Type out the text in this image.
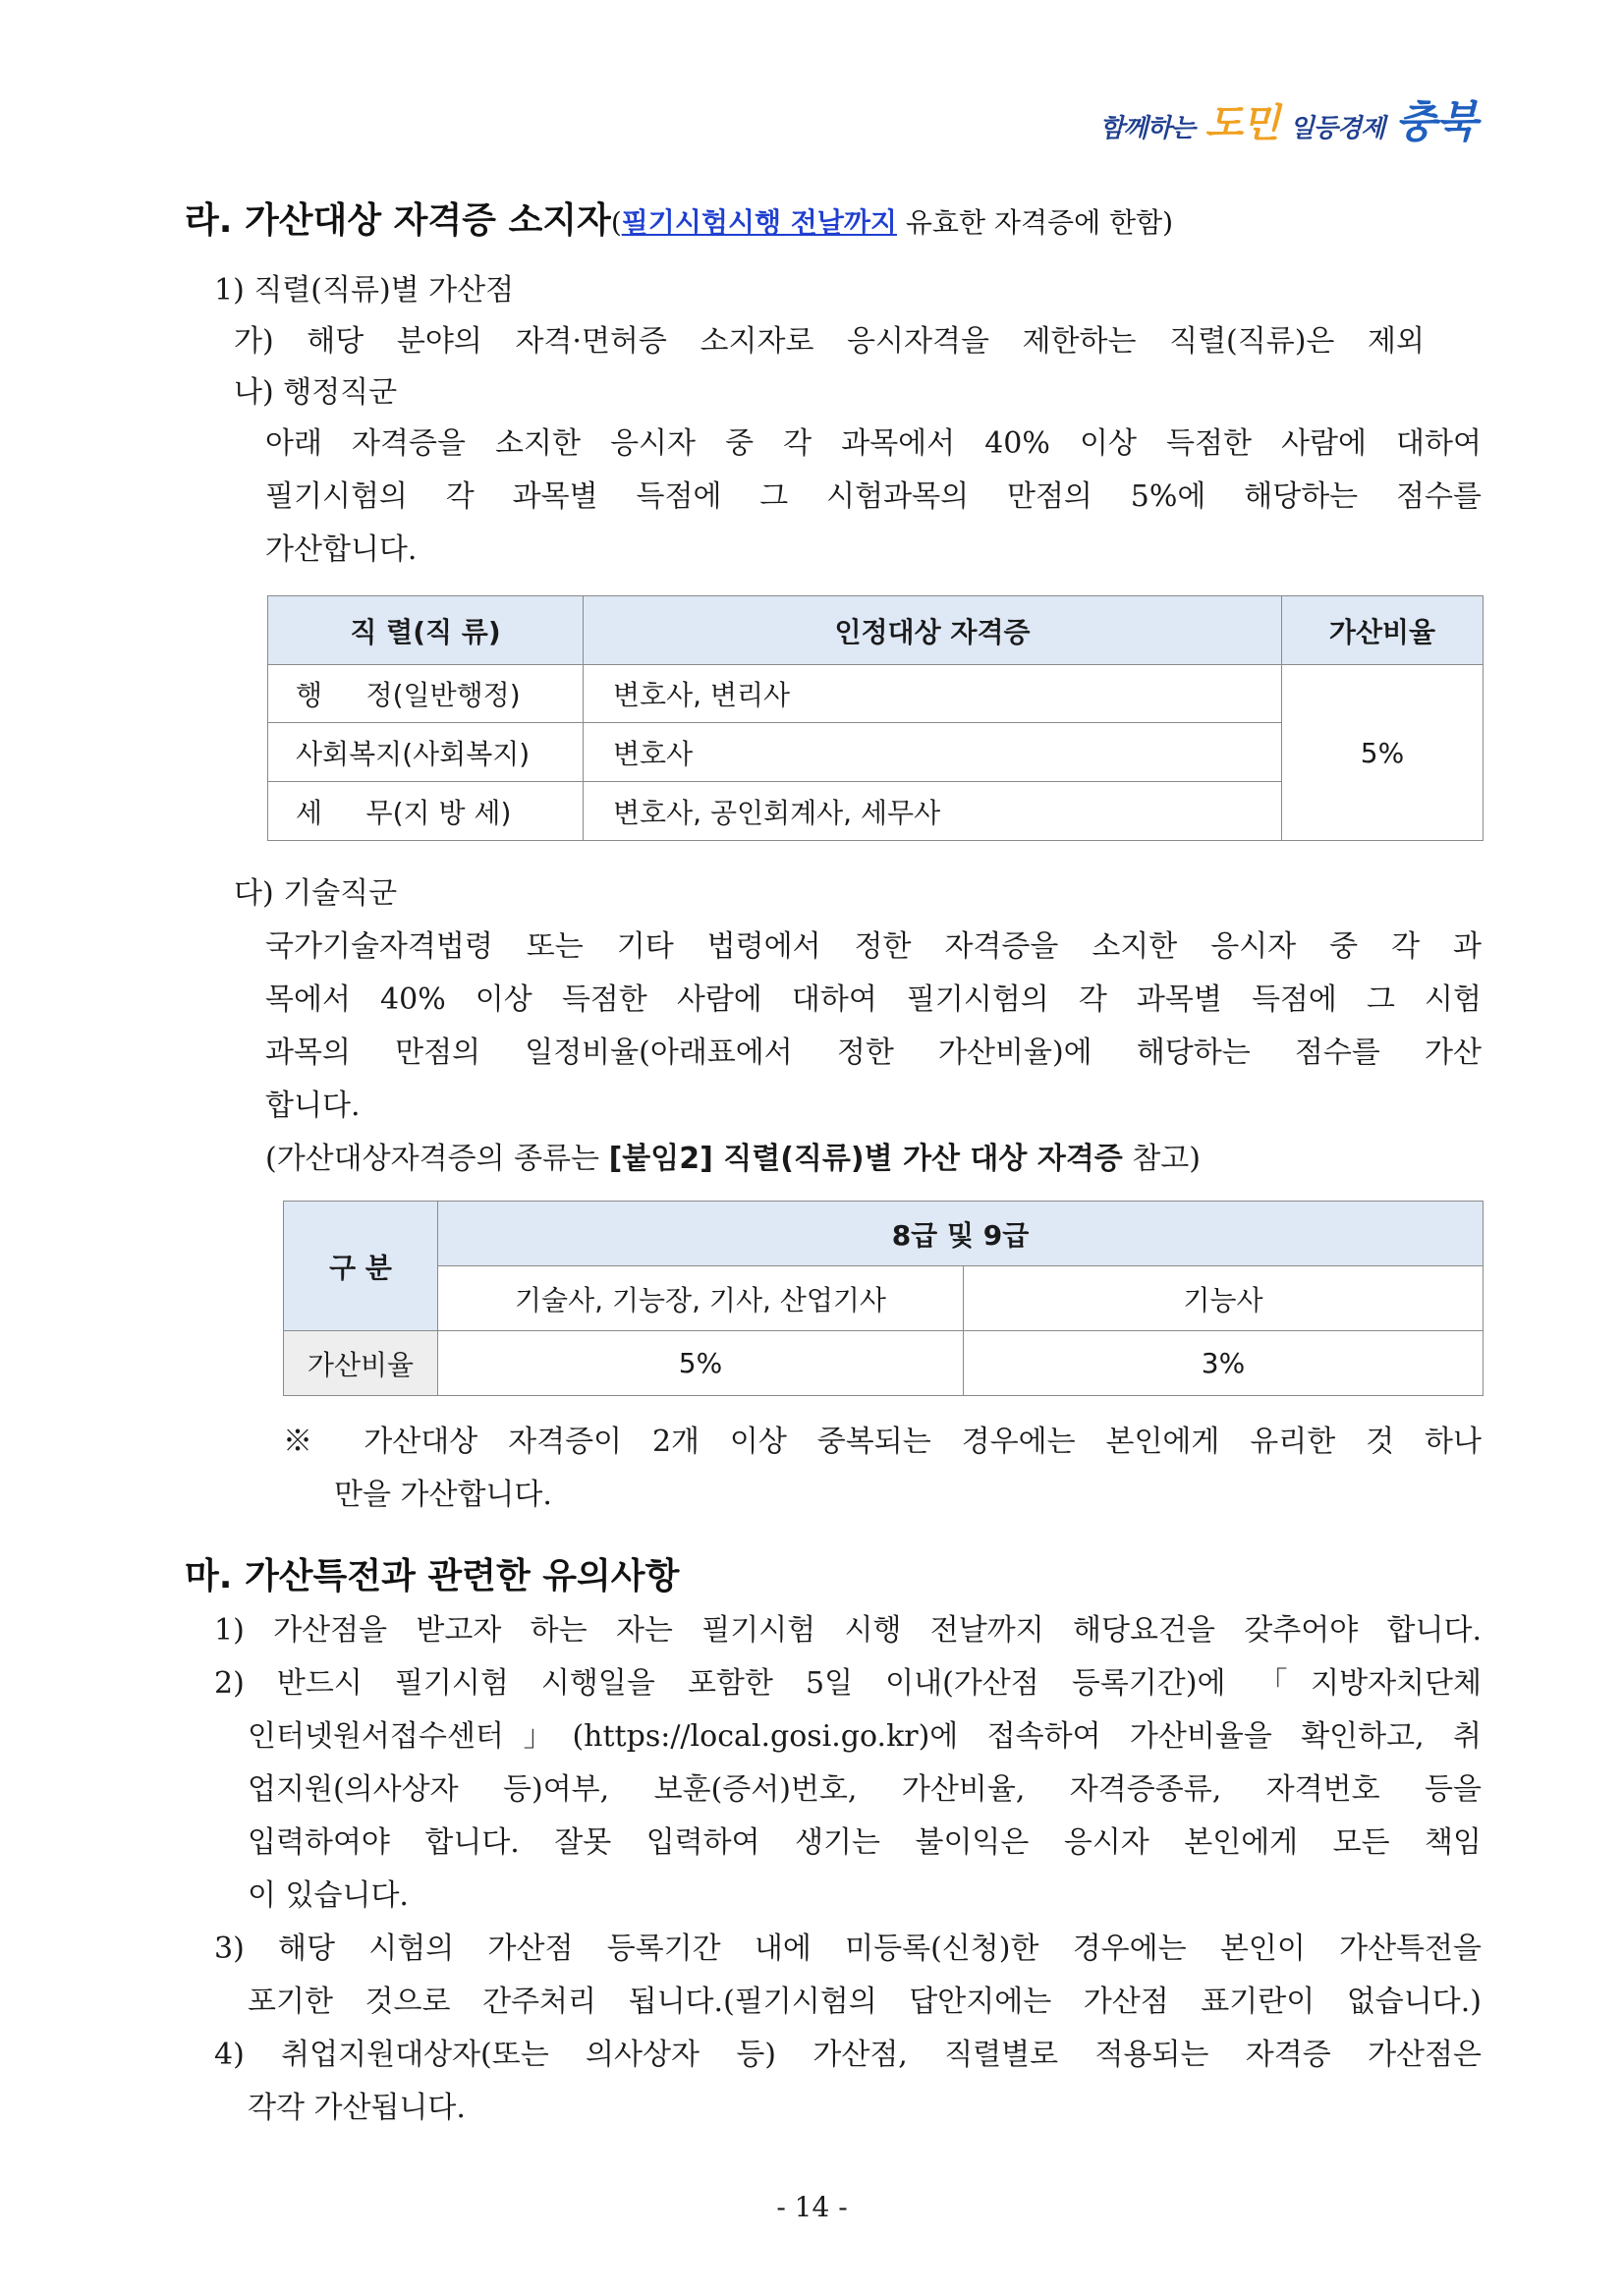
함께하는 도민 일등경제 충북
라. 가산대상 자격증 소지자(필기시험시행 전날까지 유효한 자격증에 한함)
1) 직렬(직류)별 가산점
가) 해당 분야의 자격·면허증 소지자로 응시자격을 제한하는 직렬(직류)은 제외
나) 행정직군
아래 자격증을 소지한 응시자 중 각 과목에서 40% 이상 득점한 사람에 대하여
필기시험의 각 과목별 득점에 그 시험과목의 만점의 5%에 해당하는 점수를
가산합니다.
직 렬(직 류)	인정대상 자격증	가산비율
행     정(일반행정)	변호사, 변리사	5%
사회복지(사회복지)	변호사	
세     무(지 방 세)	변호사, 공인회계사, 세무사	
다) 기술직군
국가기술자격법령 또는 기타 법령에서 정한 자격증을 소지한 응시자 중 각 과
목에서 40% 이상 득점한 사람에 대하여 필기시험의 각 과목별 득점에 그 시험
과목의 만점의 일정비율(아래표에서 정한 가산비율)에 해당하는 점수를 가산
합니다.
(가산대상자격증의 종류는 [붙임2] 직렬(직류)별 가산 대상 자격증 참고)
구 분	8급 및 9급	
	기술사, 기능장, 기사, 산업기사	기능사
가산비율	5%	3%
※ 가산대상 자격증이 2개 이상 중복되는 경우에는 본인에게 유리한 것 하나
만을 가산합니다.
마. 가산특전과 관련한 유의사항
1) 가산점을 받고자 하는 자는 필기시험 시행 전날까지 해당요건을 갖추어야 합니다.
2) 반드시 필기시험 시행일을 포함한 5일 이내(가산점 등록기간)에 「지방자치단체
인터넷원서접수센터」(https://local.gosi.go.kr)에 접속하여 가산비율을 확인하고, 취
업지원(의사상자 등)여부, 보훈(증서)번호, 가산비율, 자격증종류, 자격번호 등을
입력하여야 합니다. 잘못 입력하여 생기는 불이익은 응시자 본인에게 모든 책임
이 있습니다.
3) 해당 시험의 가산점 등록기간 내에 미등록(신청)한 경우에는 본인이 가산특전을
포기한 것으로 간주처리 됩니다.(필기시험의 답안지에는 가산점 표기란이 없습니다.)
4) 취업지원대상자(또는 의사상자 등) 가산점, 직렬별로 적용되는 자격증 가산점은
각각 가산됩니다.
- 14 -
